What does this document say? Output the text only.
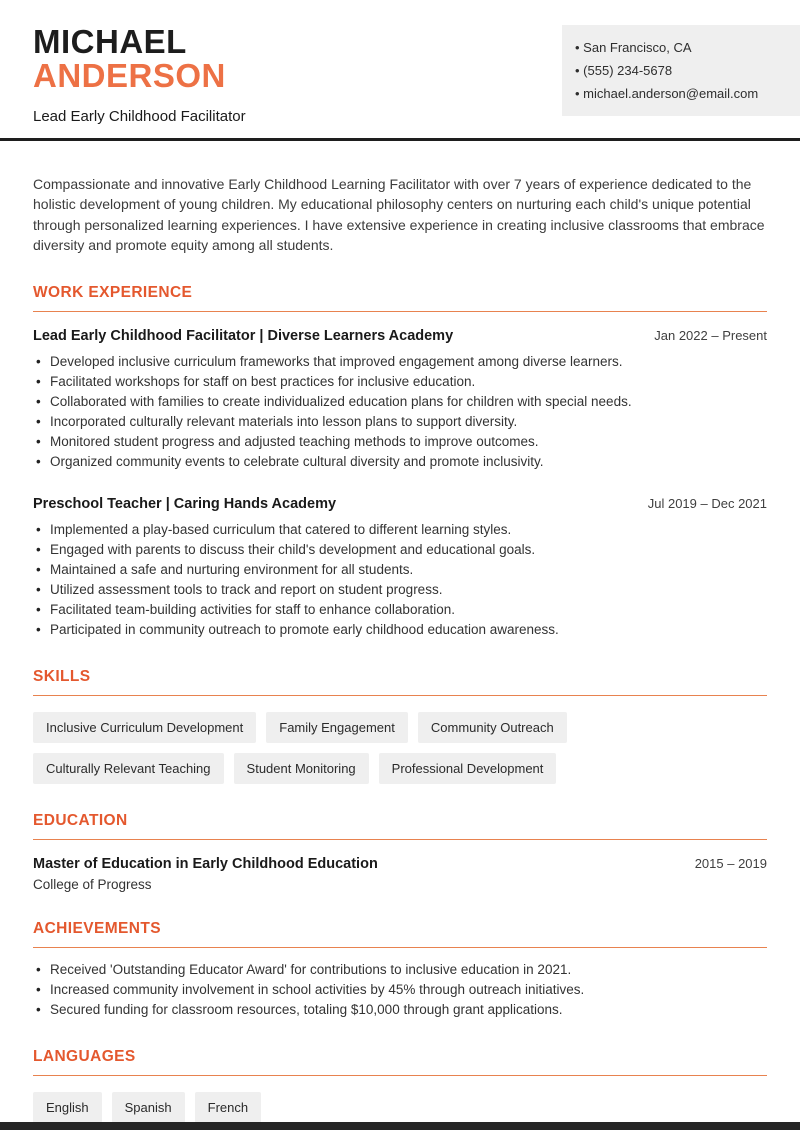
MICHAEL
ANDERSON
Lead Early Childhood Facilitator
• San Francisco, CA
• (555) 234-5678
• michael.anderson@email.com

Compassionate and innovative Early Childhood Learning Facilitator with over 7 years of experience dedicated to the holistic development of young children. My educational philosophy centers on nurturing each child's unique potential through personalized learning experiences. I have extensive experience in creating inclusive classrooms that embrace diversity and promote equity among all students.

WORK EXPERIENCE
Lead Early Childhood Facilitator | Diverse Learners Academy	Jan 2022 – Present
• Developed inclusive curriculum frameworks that improved engagement among diverse learners.
• Facilitated workshops for staff on best practices for inclusive education.
• Collaborated with families to create individualized education plans for children with special needs.
• Incorporated culturally relevant materials into lesson plans to support diversity.
• Monitored student progress and adjusted teaching methods to improve outcomes.
• Organized community events to celebrate cultural diversity and promote inclusivity.
Preschool Teacher | Caring Hands Academy	Jul 2019 – Dec 2021
• Implemented a play-based curriculum that catered to different learning styles.
• Engaged with parents to discuss their child's development and educational goals.
• Maintained a safe and nurturing environment for all students.
• Utilized assessment tools to track and report on student progress.
• Facilitated team-building activities for staff to enhance collaboration.
• Participated in community outreach to promote early childhood education awareness.
SKILLS
Inclusive Curriculum Development	Family Engagement	Community Outreach
Culturally Relevant Teaching	Student Monitoring	Professional Development
EDUCATION
Master of Education in Early Childhood Education	2015 – 2019
College of Progress
ACHIEVEMENTS
• Received 'Outstanding Educator Award' for contributions to inclusive education in 2021.
• Increased community involvement in school activities by 45% through outreach initiatives.
• Secured funding for classroom resources, totaling $10,000 through grant applications.
LANGUAGES
English	Spanish	French
